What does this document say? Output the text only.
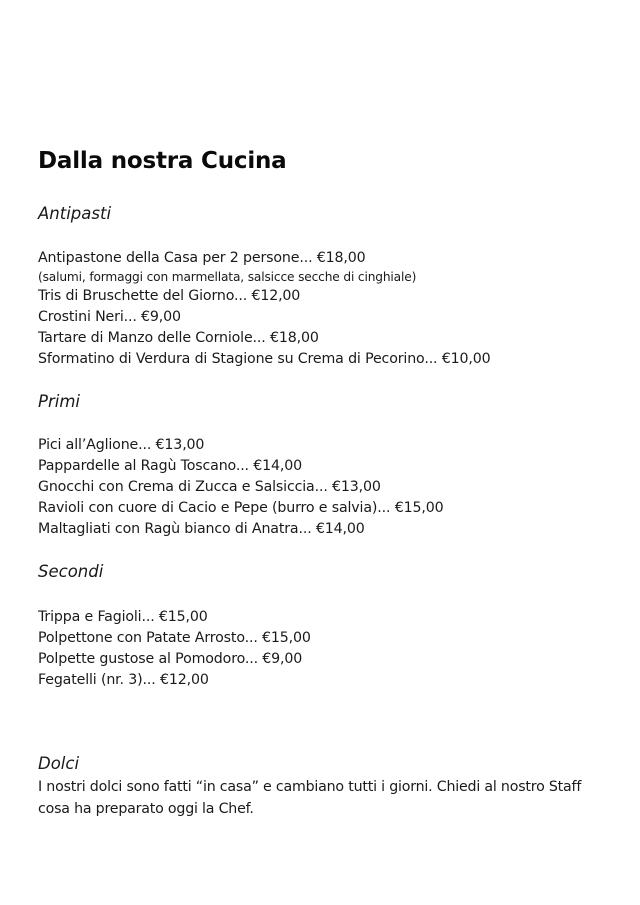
Dalla nostra Cucina
Antipasti
Antipastone della Casa per 2 persone... €18,00
(salumi, formaggi con marmellata, salsicce secche di cinghiale)
Tris di Bruschette del Giorno... €12,00
Crostini Neri... €9,00
Tartare di Manzo delle Corniole... €18,00
Sformatino di Verdura di Stagione su Crema di Pecorino... €10,00
Primi
Pici all’Aglione... €13,00
Pappardelle al Ragù Toscano... €14,00
Gnocchi con Crema di Zucca e Salsiccia... €13,00
Ravioli con cuore di Cacio e Pepe (burro e salvia)... €15,00
Maltagliati con Ragù bianco di Anatra... €14,00
Secondi
Trippa e Fagioli... €15,00
Polpettone con Patate Arrosto... €15,00
Polpette gustose al Pomodoro... €9,00
Fegatelli (nr. 3)... €12,00
Dolci
I nostri dolci sono fatti “in casa” e cambiano tutti i giorni. Chiedi al nostro Staff cosa ha preparato oggi la Chef.
